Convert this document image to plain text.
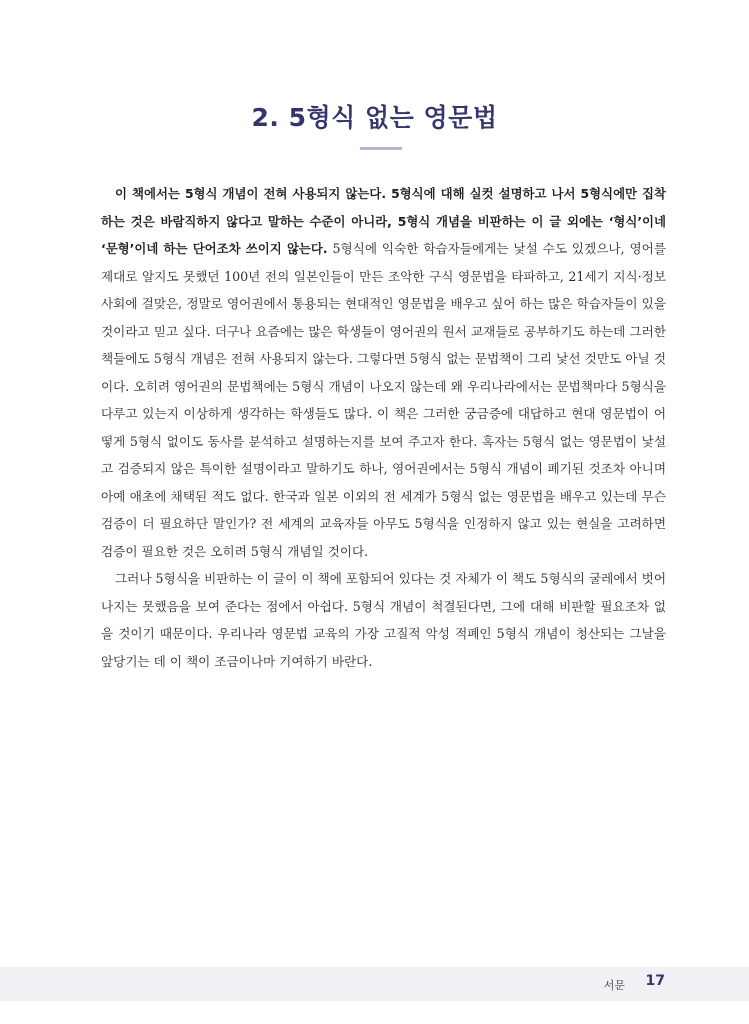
2. 5형식 없는 영문법

이 책에서는 5형식 개념이 전혀 사용되지 않는다. 5형식에 대해 실컷 설명하고 나서 5형식에만 집착하는 것은 바람직하지 않다고 말하는 수준이 아니라, 5형식 개념을 비판하는 이 글 외에는 ‘형식’이네 ‘문형’이네 하는 단어조차 쓰이지 않는다. 5형식에 익숙한 학습자들에게는 낯설 수도 있겠으나, 영어를 제대로 알지도 못했던 100년 전의 일본인들이 만든 조악한 구식 영문법을 타파하고, 21세기 지식·정보 사회에 걸맞은, 정말로 영어권에서 통용되는 현대적인 영문법을 배우고 싶어 하는 많은 학습자들이 있을 것이라고 믿고 싶다. 더구나 요즘에는 많은 학생들이 영어권의 원서 교재들로 공부하기도 하는데 그러한 책들에도 5형식 개념은 전혀 사용되지 않는다. 그렇다면 5형식 없는 문법책이 그리 낯선 것만도 아닐 것이다. 오히려 영어권의 문법책에는 5형식 개념이 나오지 않는데 왜 우리나라에서는 문법책마다 5형식을 다루고 있는지 이상하게 생각하는 학생들도 많다. 이 책은 그러한 궁금증에 대답하고 현대 영문법이 어떻게 5형식 없이도 동사를 분석하고 설명하는지를 보여 주고자 한다. 혹자는 5형식 없는 영문법이 낯설고 검증되지 않은 특이한 설명이라고 말하기도 하나, 영어권에서는 5형식 개념이 폐기된 것조차 아니며 아예 애초에 채택된 적도 없다. 한국과 일본 이외의 전 세계가 5형식 없는 영문법을 배우고 있는데 무슨 검증이 더 필요하단 말인가? 전 세계의 교육자들 아무도 5형식을 인정하지 않고 있는 현실을 고려하면 검증이 필요한 것은 오히려 5형식 개념일 것이다.

그러나 5형식을 비판하는 이 글이 이 책에 포함되어 있다는 것 자체가 이 책도 5형식의 굴레에서 벗어나지는 못했음을 보여 준다는 점에서 아쉽다. 5형식 개념이 척결된다면, 그에 대해 비판할 필요조차 없을 것이기 때문이다. 우리나라 영문법 교육의 가장 고질적 악성 적폐인 5형식 개념이 청산되는 그날을 앞당기는 데 이 책이 조금이나마 기여하기 바란다.

서문 17
